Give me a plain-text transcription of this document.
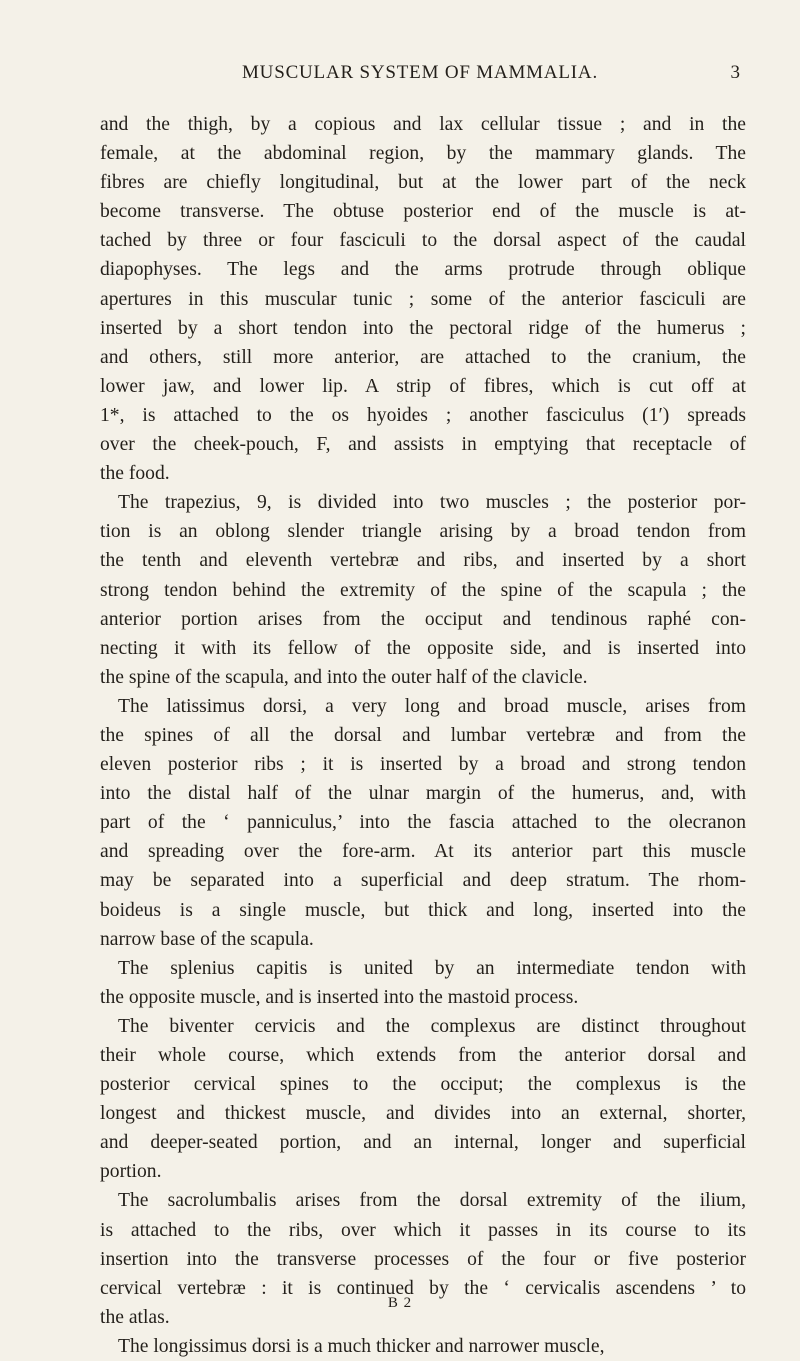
MUSCULAR SYSTEM OF MAMMALIA.	3
and the thigh, by a copious and lax cellular tissue ; and in the
female, at the abdominal region, by the mammary glands. The
fibres are chiefly longitudinal, but at the lower part of the neck
become transverse. The obtuse posterior end of the muscle is at-
tached by three or four fasciculi to the dorsal aspect of the caudal
diapophyses. The legs and the arms protrude through oblique
apertures in this muscular tunic ; some of the anterior fasciculi are
inserted by a short tendon into the pectoral ridge of the humerus ;
and others, still more anterior, are attached to the cranium, the
lower jaw, and lower lip. A strip of fibres, which is cut off at
1*, is attached to the os hyoides ; another fasciculus (1′) spreads
over the cheek-pouch, F, and assists in emptying that receptacle of
the food.
The trapezius, 9, is divided into two muscles ; the posterior por-
tion is an oblong slender triangle arising by a broad tendon from
the tenth and eleventh vertebræ and ribs, and inserted by a short
strong tendon behind the extremity of the spine of the scapula ; the
anterior portion arises from the occiput and tendinous raphé con-
necting it with its fellow of the opposite side, and is inserted into
the spine of the scapula, and into the outer half of the clavicle.
The latissimus dorsi, a very long and broad muscle, arises from
the spines of all the dorsal and lumbar vertebræ and from the
eleven posterior ribs ; it is inserted by a broad and strong tendon
into the distal half of the ulnar margin of the humerus, and, with
part of the ‘ panniculus,’ into the fascia attached to the olecranon
and spreading over the fore-arm. At its anterior part this muscle
may be separated into a superficial and deep stratum. The rhom-
boideus is a single muscle, but thick and long, inserted into the
narrow base of the scapula.
The splenius capitis is united by an intermediate tendon with
the opposite muscle, and is inserted into the mastoid process.
The biventer cervicis and the complexus are distinct throughout
their whole course, which extends from the anterior dorsal and
posterior cervical spines to the occiput; the complexus is the
longest and thickest muscle, and divides into an external, shorter,
and deeper-seated portion, and an internal, longer and superficial
portion.
The sacrolumbalis arises from the dorsal extremity of the ilium,
is attached to the ribs, over which it passes in its course to its
insertion into the transverse processes of the four or five posterior
cervical vertebræ : it is continued by the ‘ cervicalis ascendens ’ to
the atlas.
The longissimus dorsi is a much thicker and narrower muscle,
B 2
